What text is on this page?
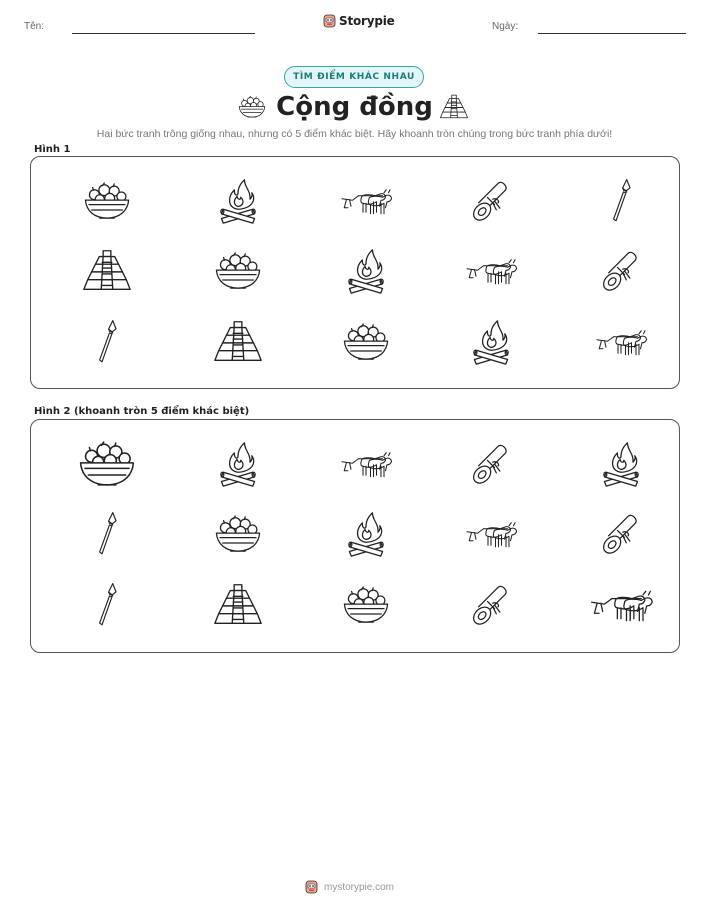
Tên:	Storypie	Ngày:
TÌM ĐIỂM KHÁC NHAU
Cộng đồng
Hai bức tranh trông giống nhau, nhưng có 5 điểm khác biệt. Hãy khoanh tròn chúng trong bức tranh phía dưới!
Hình 1
Hình 2 (khoanh tròn 5 điểm khác biệt)
mystorypie.com
